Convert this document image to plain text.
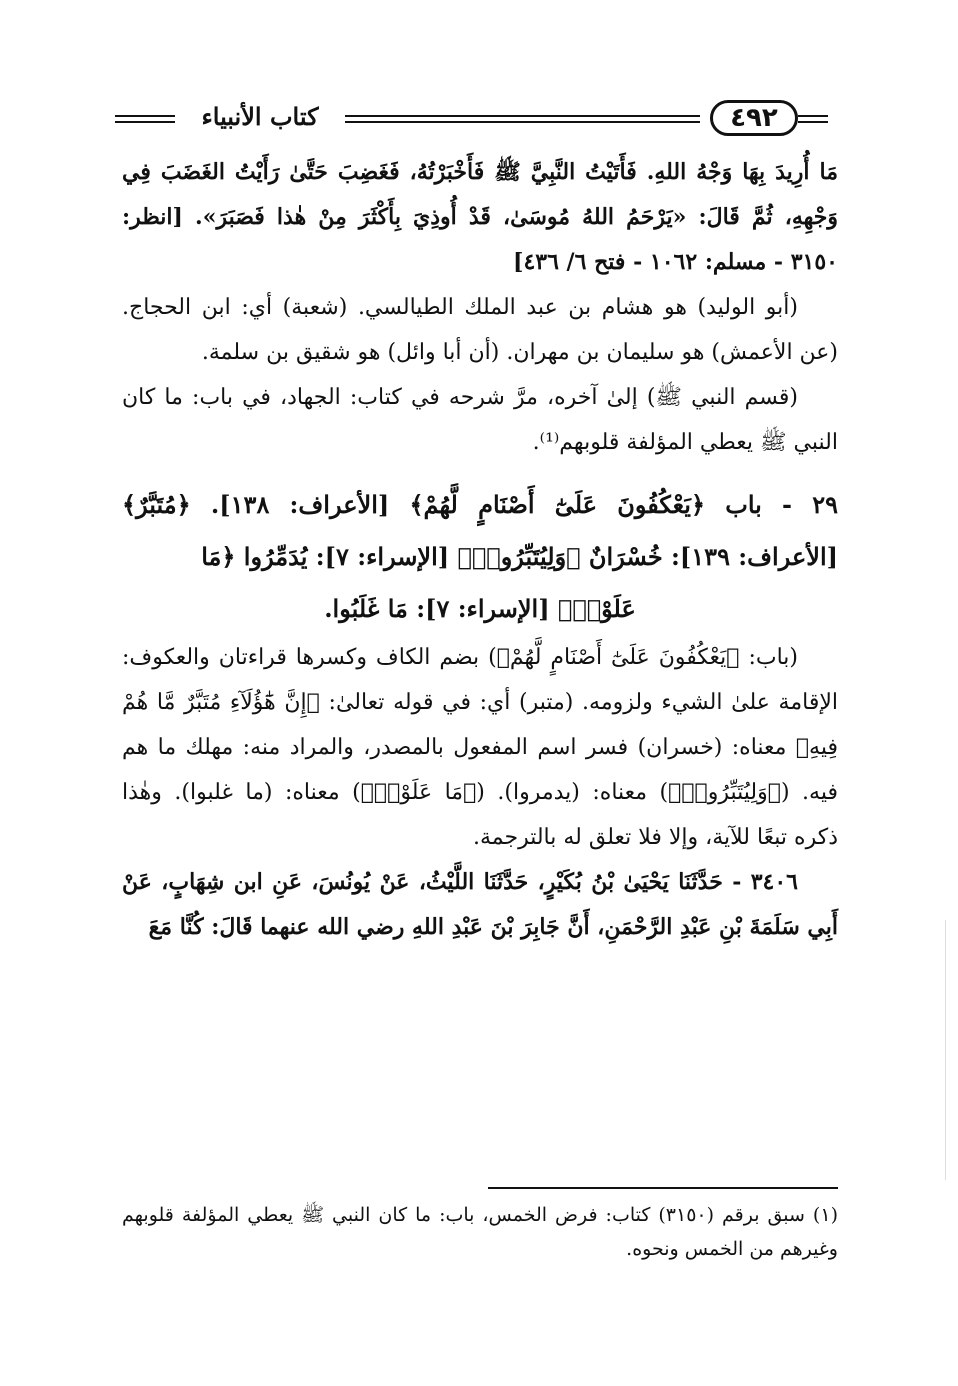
كتاب الأنبياء	٤٩٢

مَا أُرِيدَ بِهَا وَجْهُ اللهِ. فَأَتَيْتُ النَّبِيَّ ﷺ فَأَخْبَرْتُهُ، فَغَضِبَ حَتَّىٰ رَأَيْتُ الغَضَبَ فِي وَجْهِهِ، ثُمَّ قَالَ: «يَرْحَمُ اللهُ مُوسَىٰ، قَدْ أُوذِيَ بِأَكْثَرَ مِنْ هٰذا فَصَبَرَ». [انظر: ٣١٥٠ - مسلم: ١٠٦٢ - فتح ٦/ ٤٣٦]

(أبو الوليد) هو هشام بن عبد الملك الطيالسي. (شعبة) أي: ابن الحجاج. (عن الأعمش) هو سليمان بن مهران. (أن أبا وائل) هو شقيق بن سلمة.

(قسم النبي ﷺ) إلىٰ آخره، مرَّ شرحه في كتاب: الجهاد، في باب: ما كان النبي ﷺ يعطي المؤلفة قلوبهم⁽¹⁾.

٢٩ - باب ﴿يَعْكُفُونَ عَلَىٰٓ أَصْنَامٍ لَّهُمْ﴾ [الأعراف: ١٣٨]. ﴿مُتَبَّرٌ﴾ [الأعراف: ١٣٩]: خُسْرَانٌ ﴿وَلِيُتَبِّرُوا۟﴾ [الإسراء: ٧]: يُدَمِّرُوا ﴿مَا

عَلَوْا۟﴾ [الإسراء: ٧]: مَا غَلَبُوا.

(باب: ﴿يَعْكُفُونَ عَلَىٰٓ أَصْنَامٍ لَّهُمْ﴾) بضم الكاف وكسرها قراءتان والعكوف: الإقامة علىٰ الشيء ولزومه. (متبر) أي: في قوله تعالىٰ: ﴿إِنَّ هَٰٓؤُلَآءِ مُتَبَّرٌ مَّا هُمْ فِيهِ﴾ معناه: (خسران) فسر اسم المفعول بالمصدر، والمراد منه: مهلك ما هم فيه. (﴿وَلِيُتَبِّرُوا۟﴾) معناه: (يدمروا). (﴿مَا عَلَوْا۟﴾) معناه: (ما غلبوا). وهٰذا ذكره تبعًا للآية، وإلا فلا تعلق له بالترجمة.

٣٤٠٦ - حَدَّثَنَا يَحْيَىٰ بْنُ بُكَيْرٍ، حَدَّثَنَا اللَّيْثُ، عَنْ يُونُسَ، عَنِ ابن شِهَابٍ، عَنْ أَبِي سَلَمَةَ بْنِ عَبْدِ الرَّحْمَنِ، أَنَّ جَابِرَ بْنَ عَبْدِ اللهِ رضي الله عنهما قَالَ: كُنَّا مَعَ

(١) سبق برقم (٣١٥٠) كتاب: فرض الخمس، باب: ما كان النبي ﷺ يعطي المؤلفة قلوبهم وغيرهم من الخمس ونحوه.
